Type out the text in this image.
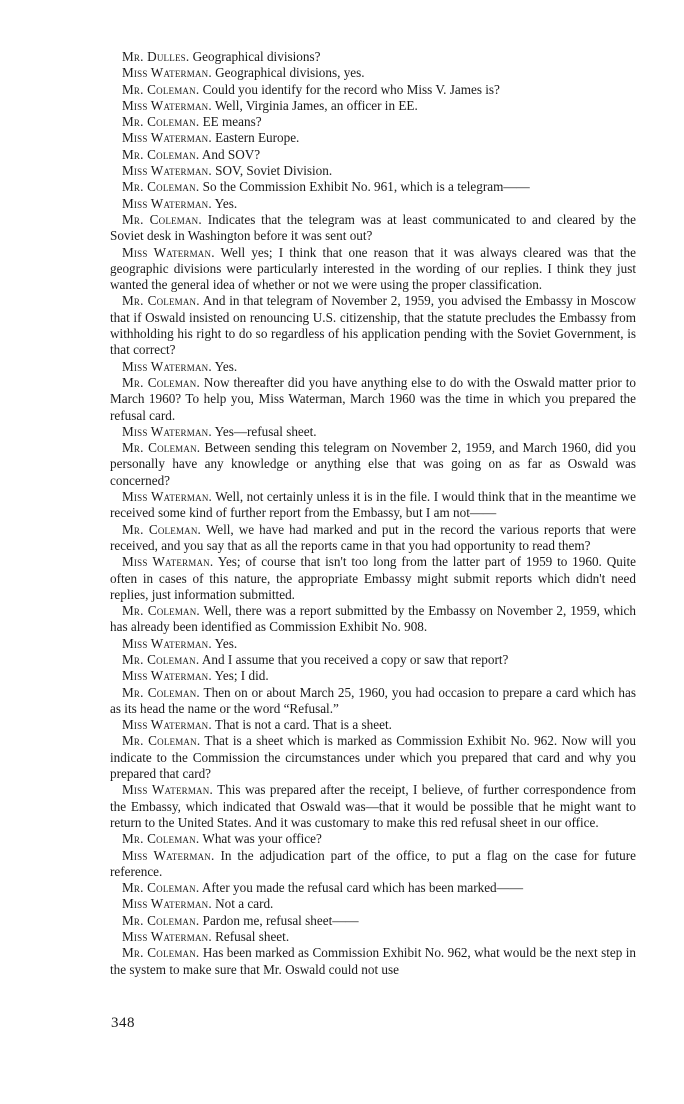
Mr. Dulles. Geographical divisions?

Miss Waterman. Geographical divisions, yes.

Mr. Coleman. Could you identify for the record who Miss V. James is?

Miss Waterman. Well, Virginia James, an officer in EE.

Mr. Coleman. EE means?

Miss Waterman. Eastern Europe.

Mr. Coleman. And SOV?

Miss Waterman. SOV, Soviet Division.

Mr. Coleman. So the Commission Exhibit No. 961, which is a telegram——

Miss Waterman. Yes.

Mr. Coleman. Indicates that the telegram was at least communicated to and cleared by the Soviet desk in Washington before it was sent out?

Miss Waterman. Well yes; I think that one reason that it was always cleared was that the geographic divisions were particularly interested in the wording of our replies. I think they just wanted the general idea of whether or not we were using the proper classification.

Mr. Coleman. And in that telegram of November 2, 1959, you advised the Embassy in Moscow that if Oswald insisted on renouncing U.S. citizenship, that the statute precludes the Embassy from withholding his right to do so regardless of his application pending with the Soviet Government, is that correct?

Miss Waterman. Yes.

Mr. Coleman. Now thereafter did you have anything else to do with the Oswald matter prior to March 1960? To help you, Miss Waterman, March 1960 was the time in which you prepared the refusal card.

Miss Waterman. Yes—refusal sheet.

Mr. Coleman. Between sending this telegram on November 2, 1959, and March 1960, did you personally have any knowledge or anything else that was going on as far as Oswald was concerned?

Miss Waterman. Well, not certainly unless it is in the file. I would think that in the meantime we received some kind of further report from the Embassy, but I am not——

Mr. Coleman. Well, we have had marked and put in the record the various reports that were received, and you say that as all the reports came in that you had opportunity to read them?

Miss Waterman. Yes; of course that isn't too long from the latter part of 1959 to 1960. Quite often in cases of this nature, the appropriate Embassy might submit reports which didn't need replies, just information submitted.

Mr. Coleman. Well, there was a report submitted by the Embassy on November 2, 1959, which has already been identified as Commission Exhibit No. 908.

Miss Waterman. Yes.

Mr. Coleman. And I assume that you received a copy or saw that report?

Miss Waterman. Yes; I did.

Mr. Coleman. Then on or about March 25, 1960, you had occasion to prepare a card which has as its head the name or the word “Refusal.”

Miss Waterman. That is not a card. That is a sheet.

Mr. Coleman. That is a sheet which is marked as Commission Exhibit No. 962. Now will you indicate to the Commission the circumstances under which you prepared that card and why you prepared that card?

Miss Waterman. This was prepared after the receipt, I believe, of further correspondence from the Embassy, which indicated that Oswald was—that it would be possible that he might want to return to the United States. And it was customary to make this red refusal sheet in our office.

Mr. Coleman. What was your office?

Miss Waterman. In the adjudication part of the office, to put a flag on the case for future reference.

Mr. Coleman. After you made the refusal card which has been marked——

Miss Waterman. Not a card.

Mr. Coleman. Pardon me, refusal sheet——

Miss Waterman. Refusal sheet.

Mr. Coleman. Has been marked as Commission Exhibit No. 962, what would be the next step in the system to make sure that Mr. Oswald could not use

348
